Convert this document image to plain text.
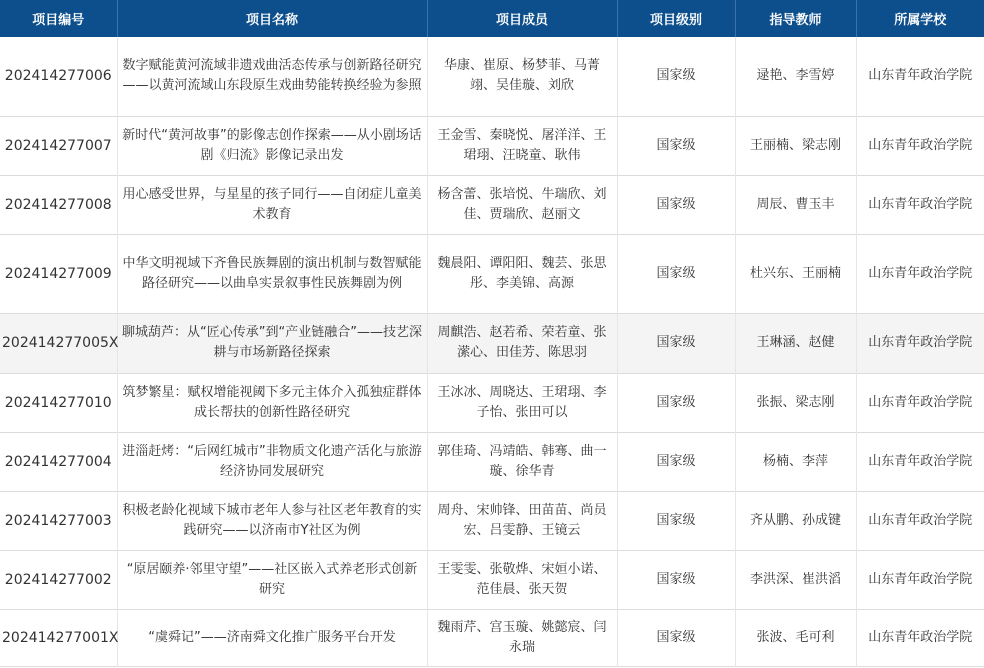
项目编号	项目名称	项目成员	项目级别	指导教师	所属学校
202414277006	数字赋能黄河流域非遗戏曲活态传承与创新路径研究——以黄河流域山东段原生戏曲势能转换经验为参照	华康、崔原、杨梦菲、马菁翊、吴佳璇、刘欣	国家级	逯艳、李雪婷	山东青年政治学院
202414277007	新时代“黄河故事”的影像志创作探索——从小剧场话剧《归流》影像记录出发	王金雪、秦晓悦、屠洋洋、王珺珝、汪晓童、耿伟	国家级	王丽楠、梁志刚	山东青年政治学院
202414277008	用心感受世界，与星星的孩子同行——自闭症儿童美术教育	杨含蕾、张培悦、牛瑞欣、刘佳、贾瑞欣、赵丽文	国家级	周辰、曹玉丰	山东青年政治学院
202414277009	中华文明视域下齐鲁民族舞剧的演出机制与数智赋能路径研究——以曲阜实景叙事性民族舞剧为例	魏晨阳、谭阳阳、魏芸、张思彤、李美锦、高源	国家级	杜兴东、王丽楠	山东青年政治学院
202414277005X	聊城葫芦：从“匠心传承”到“产业链融合”——技艺深耕与市场新路径探索	周麒浩、赵若希、荣若童、张潆心、田佳芳、陈思羽	国家级	王琳涵、赵健	山东青年政治学院
202414277010	筑梦繁星：赋权增能视阈下多元主体介入孤独症群体成长帮扶的创新性路径研究	王冰冰、周晓达、王珺珝、李子怡、张田可以	国家级	张振、梁志刚	山东青年政治学院
202414277004	进淄赶烤：“后网红城市”非物质文化遗产活化与旅游经济协同发展研究	郭佳琦、冯靖皓、韩骞、曲一璇、徐华青	国家级	杨楠、李萍	山东青年政治学院
202414277003	积极老龄化视域下城市老年人参与社区老年教育的实践研究——以济南市Y社区为例	周舟、宋帅锋、田苗苗、尚员宏、吕雯静、王镜云	国家级	齐从鹏、孙成键	山东青年政治学院
202414277002	“原居颐养·邻里守望”——社区嵌入式养老形式创新研究	王雯雯、张敬烨、宋姮小诺、范佳晨、张天贺	国家级	李洪深、崔洪滔	山东青年政治学院
202414277001X	“虞舜记”——济南舜文化推广服务平台开发	魏雨芹、宫玉璇、姚懿宸、闫永瑞	国家级	张波、毛可利	山东青年政治学院
